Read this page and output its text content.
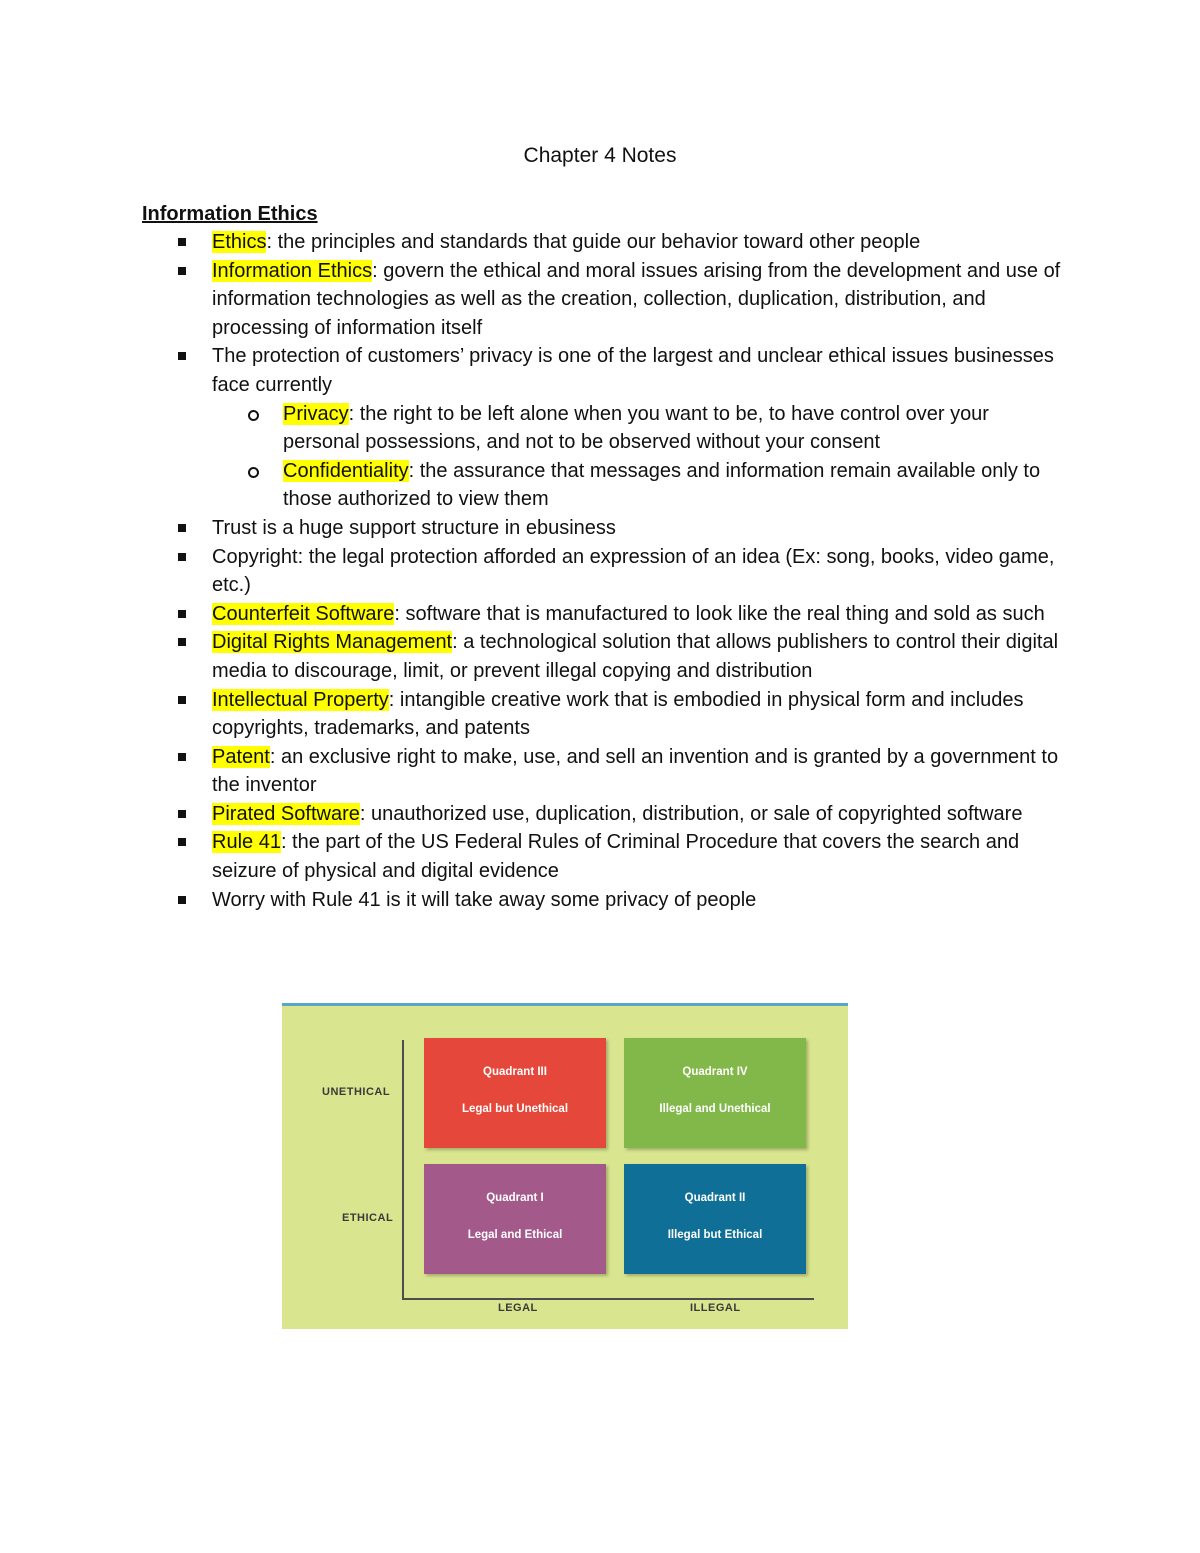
Chapter 4 Notes
Information Ethics
Ethics: the principles and standards that guide our behavior toward other people
Information Ethics: govern the ethical and moral issues arising from the development and use of information technologies as well as the creation, collection, duplication, distribution, and processing of information itself
The protection of customers’ privacy is one of the largest and unclear ethical issues businesses face currently
Privacy: the right to be left alone when you want to be, to have control over your personal possessions, and not to be observed without your consent
Confidentiality: the assurance that messages and information remain available only to those authorized to view them
Trust is a huge support structure in ebusiness
Copyright: the legal protection afforded an expression of an idea (Ex: song, books, video game, etc.)
Counterfeit Software: software that is manufactured to look like the real thing and sold as such
Digital Rights Management: a technological solution that allows publishers to control their digital media to discourage, limit, or prevent illegal copying and distribution
Intellectual Property: intangible creative work that is embodied in physical form and includes copyrights, trademarks, and patents
Patent: an exclusive right to make, use, and sell an invention and is granted by a government to the inventor
Pirated Software: unauthorized use, duplication, distribution, or sale of copyrighted software
Rule 41: the part of the US Federal Rules of Criminal Procedure that covers the search and seizure of physical and digital evidence
Worry with Rule 41 is it will take away some privacy of people
UNETHICAL
ETHICAL
LEGAL	ILLEGAL
Quadrant III
Legal but Unethical
Quadrant IV
Illegal and Unethical
Quadrant I
Legal and Ethical
Quadrant II
Illegal but Ethical
